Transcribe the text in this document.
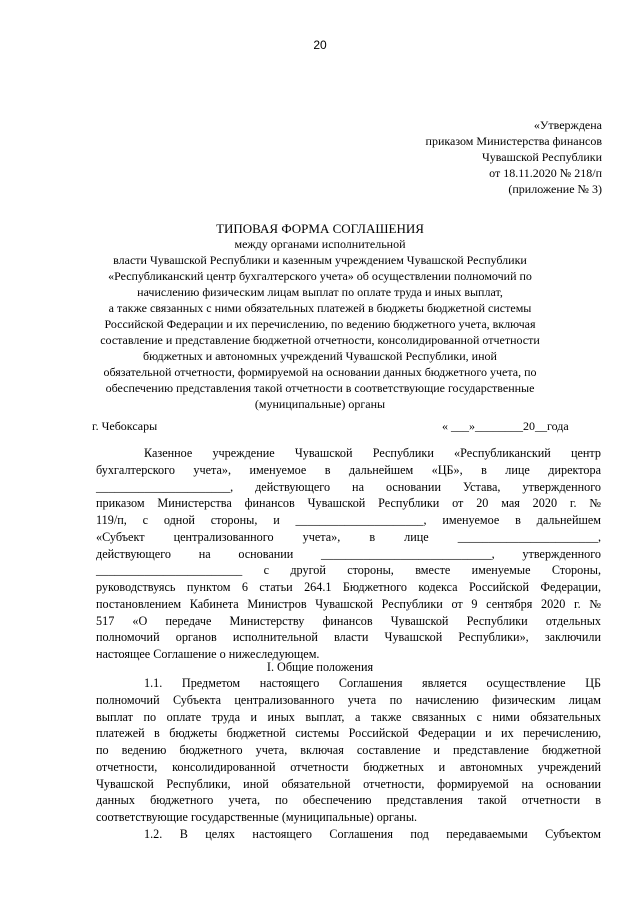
20
«Утверждена
приказом Министерства финансов
Чувашской Республики
от 18.11.2020 № 218/п
(приложение № 3)
ТИПОВАЯ ФОРМА СОГЛАШЕНИЯ
между органами исполнительной
власти Чувашской Республики и казенным учреждением Чувашской Республики
«Республиканский центр бухгалтерского учета» об осуществлении полномочий по
начислению физическим лицам выплат по оплате труда и иных выплат,
а также связанных с ними обязательных платежей в бюджеты бюджетной системы
Российской Федерации и их перечислению, по ведению бюджетного учета, включая
составление и представление бюджетной отчетности, консолидированной отчетности
бюджетных и автономных учреждений Чувашской Республики, иной
обязательной отчетности, формируемой на основании данных бюджетного учета, по
обеспечению представления такой отчетности в соответствующие государственные
(муниципальные) органы
г. Чебоксары	« ___»________20__года
Казенное учреждение Чувашской Республики «Республиканский центр
бухгалтерского учета», именуемое в дальнейшем «ЦБ», в лице директора
______________________, действующего на основании Устава, утвержденного
приказом Министерства финансов Чувашской Республики от 20 мая 2020 г. №
119/п, с одной стороны, и _____________________, именуемое в дальнейшем
«Субъект централизованного учета», в лице _______________________,
действующего на основании ____________________________, утвержденного
________________________ с другой стороны, вместе именуемые Стороны,
руководствуясь пунктом 6 статьи 264.1 Бюджетного кодекса Российской Федерации,
постановлением Кабинета Министров Чувашской Республики от 9 сентября 2020 г. №
517 «О передаче Министерству финансов Чувашской Республики отдельных
полномочий органов исполнительной власти Чувашской Республики», заключили
настоящее Соглашение о нижеследующем.
I. Общие положения
1.1. Предметом настоящего Соглашения является осуществление ЦБ
полномочий Субъекта централизованного учета по начислению физическим лицам
выплат по оплате труда и иных выплат, а также связанных с ними обязательных
платежей в бюджеты бюджетной системы Российской Федерации и их перечислению,
по ведению бюджетного учета, включая составление и представление бюджетной
отчетности, консолидированной отчетности бюджетных и автономных учреждений
Чувашской Республики, иной обязательной отчетности, формируемой на основании
данных бюджетного учета, по обеспечению представления такой отчетности в
соответствующие государственные (муниципальные) органы.
1.2. В целях настоящего Соглашения под передаваемыми Субъектом
